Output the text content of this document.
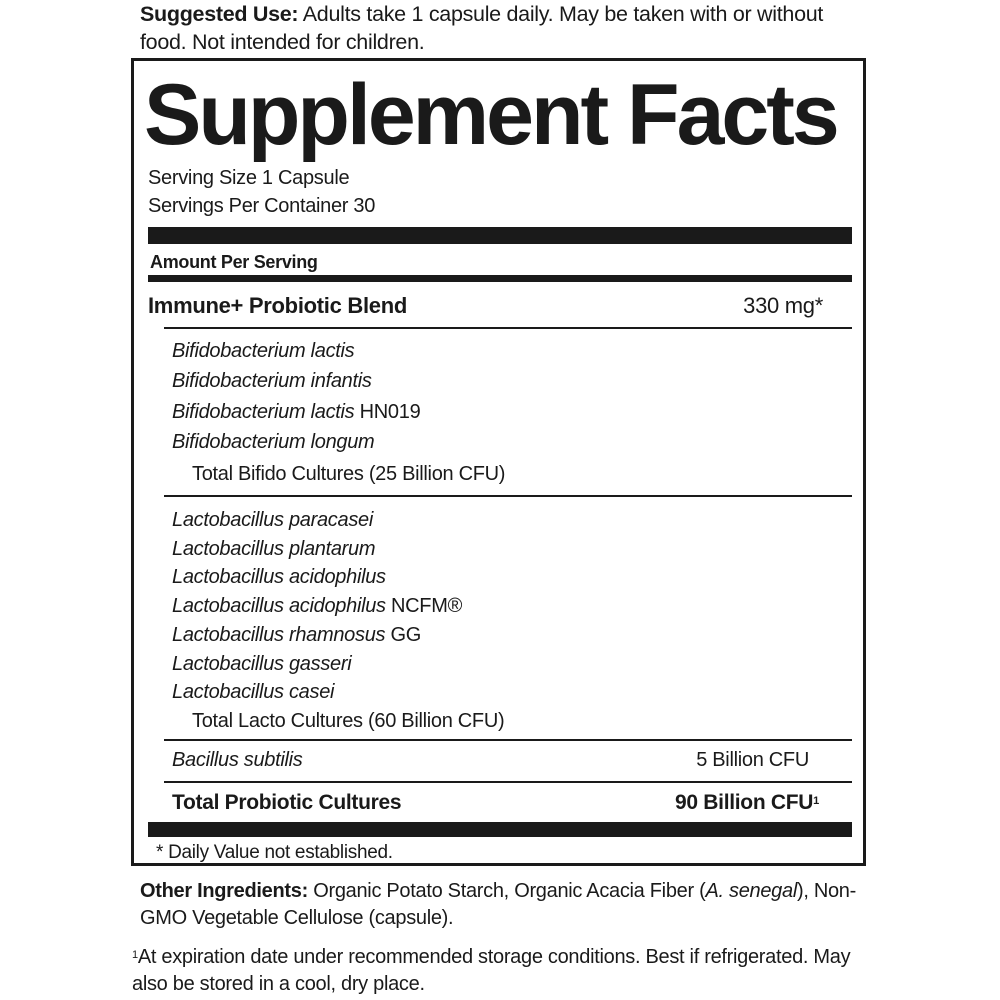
Suggested Use: Adults take 1 capsule daily. May be taken with or without food. Not intended for children.
Supplement Facts
Serving Size 1 Capsule
Servings Per Container 30
Amount Per Serving
Immune+ Probiotic Blend	330 mg*
Bifidobacterium lactis
Bifidobacterium infantis
Bifidobacterium lactis HN019
Bifidobacterium longum
Total Bifido Cultures (25 Billion CFU)
Lactobacillus paracasei
Lactobacillus plantarum
Lactobacillus acidophilus
Lactobacillus acidophilus NCFM®
Lactobacillus rhamnosus GG
Lactobacillus gasseri
Lactobacillus casei
Total Lacto Cultures (60 Billion CFU)
Bacillus subtilis	5 Billion CFU
Total Probiotic Cultures	90 Billion CFU$^1$
* Daily Value not established.
Other Ingredients: Organic Potato Starch, Organic Acacia Fiber (A. senegal), Non-GMO Vegetable Cellulose (capsule).
$^1$At expiration date under recommended storage conditions. Best if refrigerated. May also be stored in a cool, dry place.
